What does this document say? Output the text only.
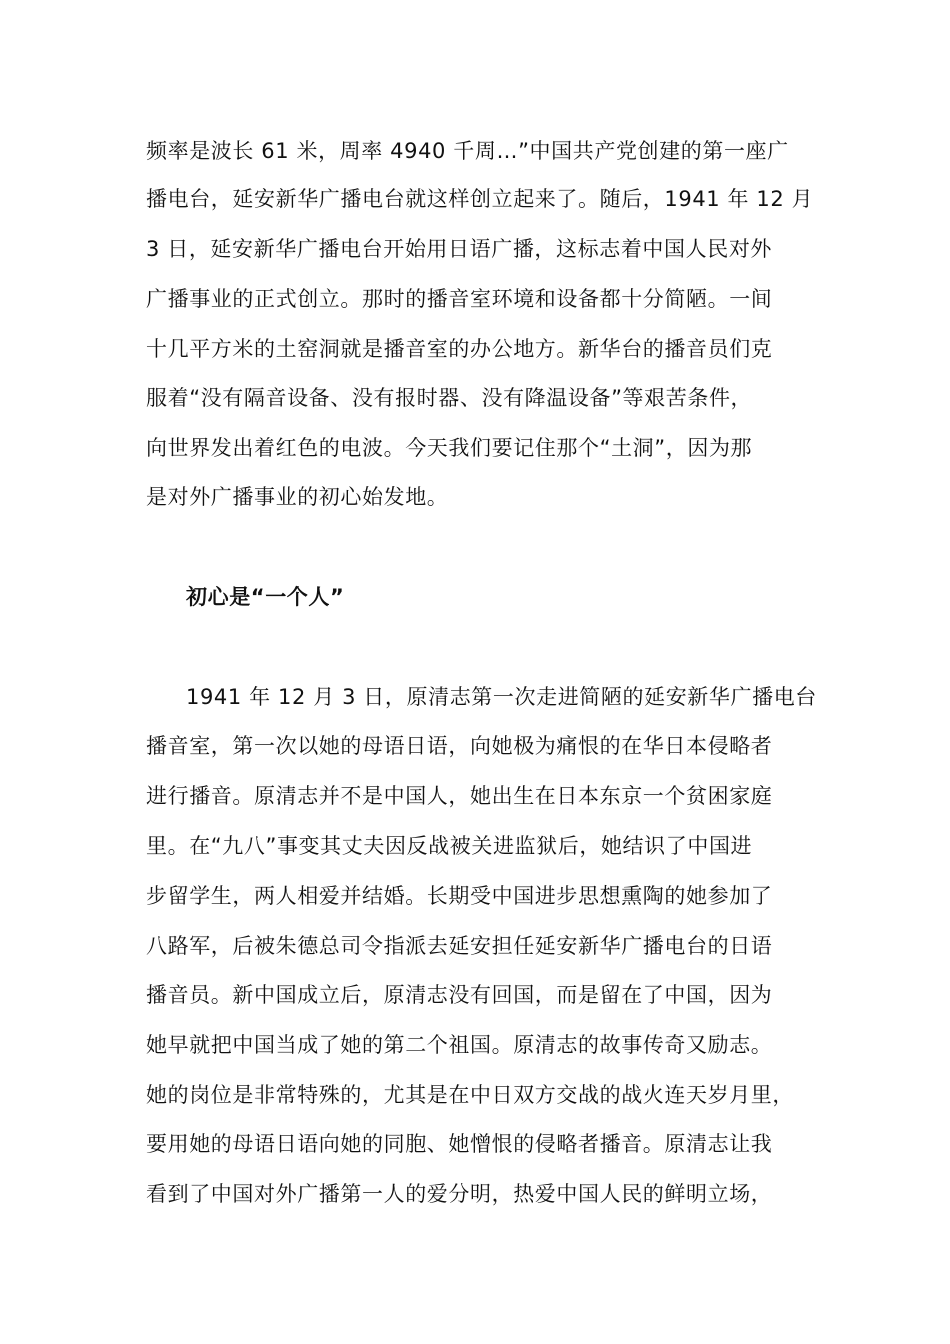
频率是波长 61 米，周率 4940 千周…”中国共产党创建的第一座广
播电台，延安新华广播电台就这样创立起来了。随后，1941 年 12 月
3 日，延安新华广播电台开始用日语广播，这标志着中国人民对外
广播事业的正式创立。那时的播音室环境和设备都十分简陋。一间
十几平方米的土窑洞就是播音室的办公地方。新华台的播音员们克
服着“没有隔音设备、没有报时器、没有降温设备”等艰苦条件，
向世界发出着红色的电波。今天我们要记住那个“土洞”，因为那
是对外广播事业的初心始发地。
初心是“一个人”
1941 年 12 月 3 日，原清志第一次走进简陋的延安新华广播电台
播音室，第一次以她的母语日语，向她极为痛恨的在华日本侵略者
进行播音。原清志并不是中国人，她出生在日本东京一个贫困家庭
里。在“九八”事变其丈夫因反战被关进监狱后，她结识了中国进
步留学生，两人相爱并结婚。长期受中国进步思想熏陶的她参加了
八路军，后被朱德总司令指派去延安担任延安新华广播电台的日语
播音员。新中国成立后，原清志没有回国，而是留在了中国，因为
她早就把中国当成了她的第二个祖国。原清志的故事传奇又励志。
她的岗位是非常特殊的，尤其是在中日双方交战的战火连天岁月里，
要用她的母语日语向她的同胞、她憎恨的侵略者播音。原清志让我
看到了中国对外广播第一人的爱分明，热爱中国人民的鲜明立场，
